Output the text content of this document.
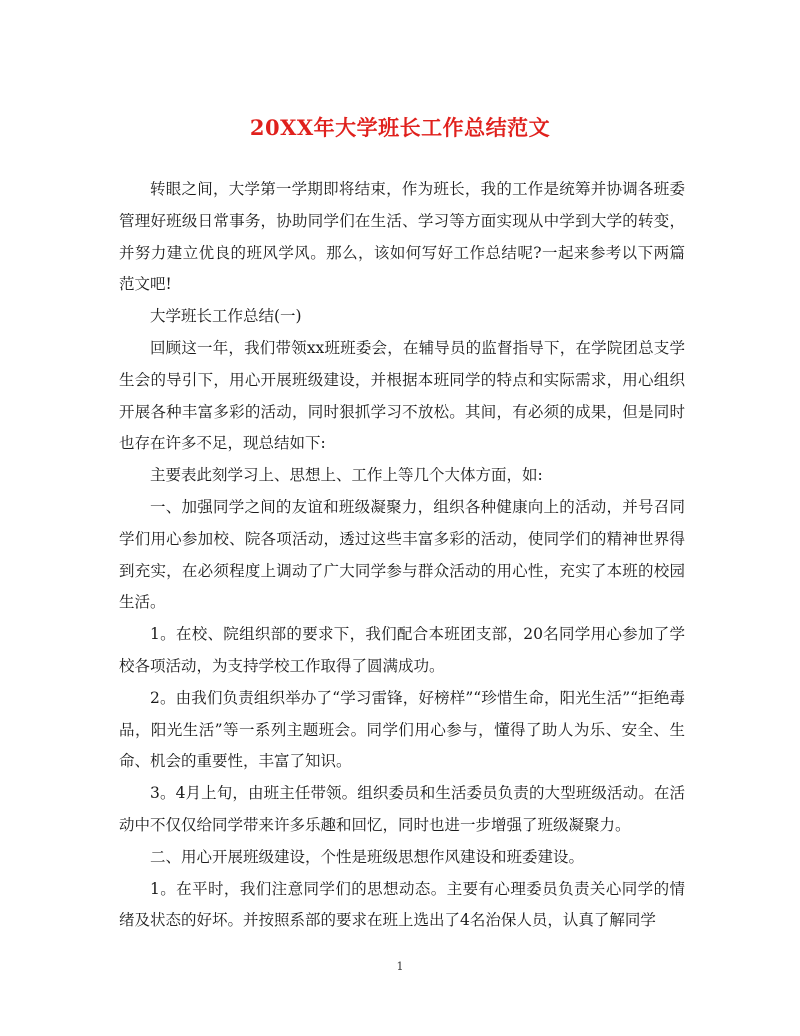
20XX年大学班长工作总结范文

转眼之间，大学第一学期即将结束，作为班长，我的工作是统筹并协调各班委管理好班级日常事务，协助同学们在生活、学习等方面实现从中学到大学的转变，并努力建立优良的班风学风。那么，该如何写好工作总结呢?一起来参考以下两篇范文吧!

大学班长工作总结(一)

回顾这一年，我们带领xx班班委会，在辅导员的监督指导下，在学院团总支学生会的导引下，用心开展班级建设，并根据本班同学的特点和实际需求，用心组织开展各种丰富多彩的活动，同时狠抓学习不放松。其间，有必须的成果，但是同时也存在许多不足，现总结如下:

主要表此刻学习上、思想上、工作上等几个大体方面，如:

一、加强同学之间的友谊和班级凝聚力，组织各种健康向上的活动，并号召同学们用心参加校、院各项活动，透过这些丰富多彩的活动，使同学们的精神世界得到充实，在必须程度上调动了广大同学参与群众活动的用心性，充实了本班的校园生活。

1。在校、院组织部的要求下，我们配合本班团支部，20名同学用心参加了学校各项活动，为支持学校工作取得了圆满成功。

2。由我们负责组织举办了“学习雷锋，好榜样”“珍惜生命，阳光生活”“拒绝毒品，阳光生活”等一系列主题班会。同学们用心参与，懂得了助人为乐、安全、生命、机会的重要性，丰富了知识。

3。4月上旬，由班主任带领。组织委员和生活委员负责的大型班级活动。在活动中不仅仅给同学带来许多乐趣和回忆，同时也进一步增强了班级凝聚力。

二、用心开展班级建设，个性是班级思想作风建设和班委建设。

1。在平时，我们注意同学们的思想动态。主要有心理委员负责关心同学的情绪及状态的好坏。并按照系部的要求在班上选出了4名治保人员，认真了解同学

1
